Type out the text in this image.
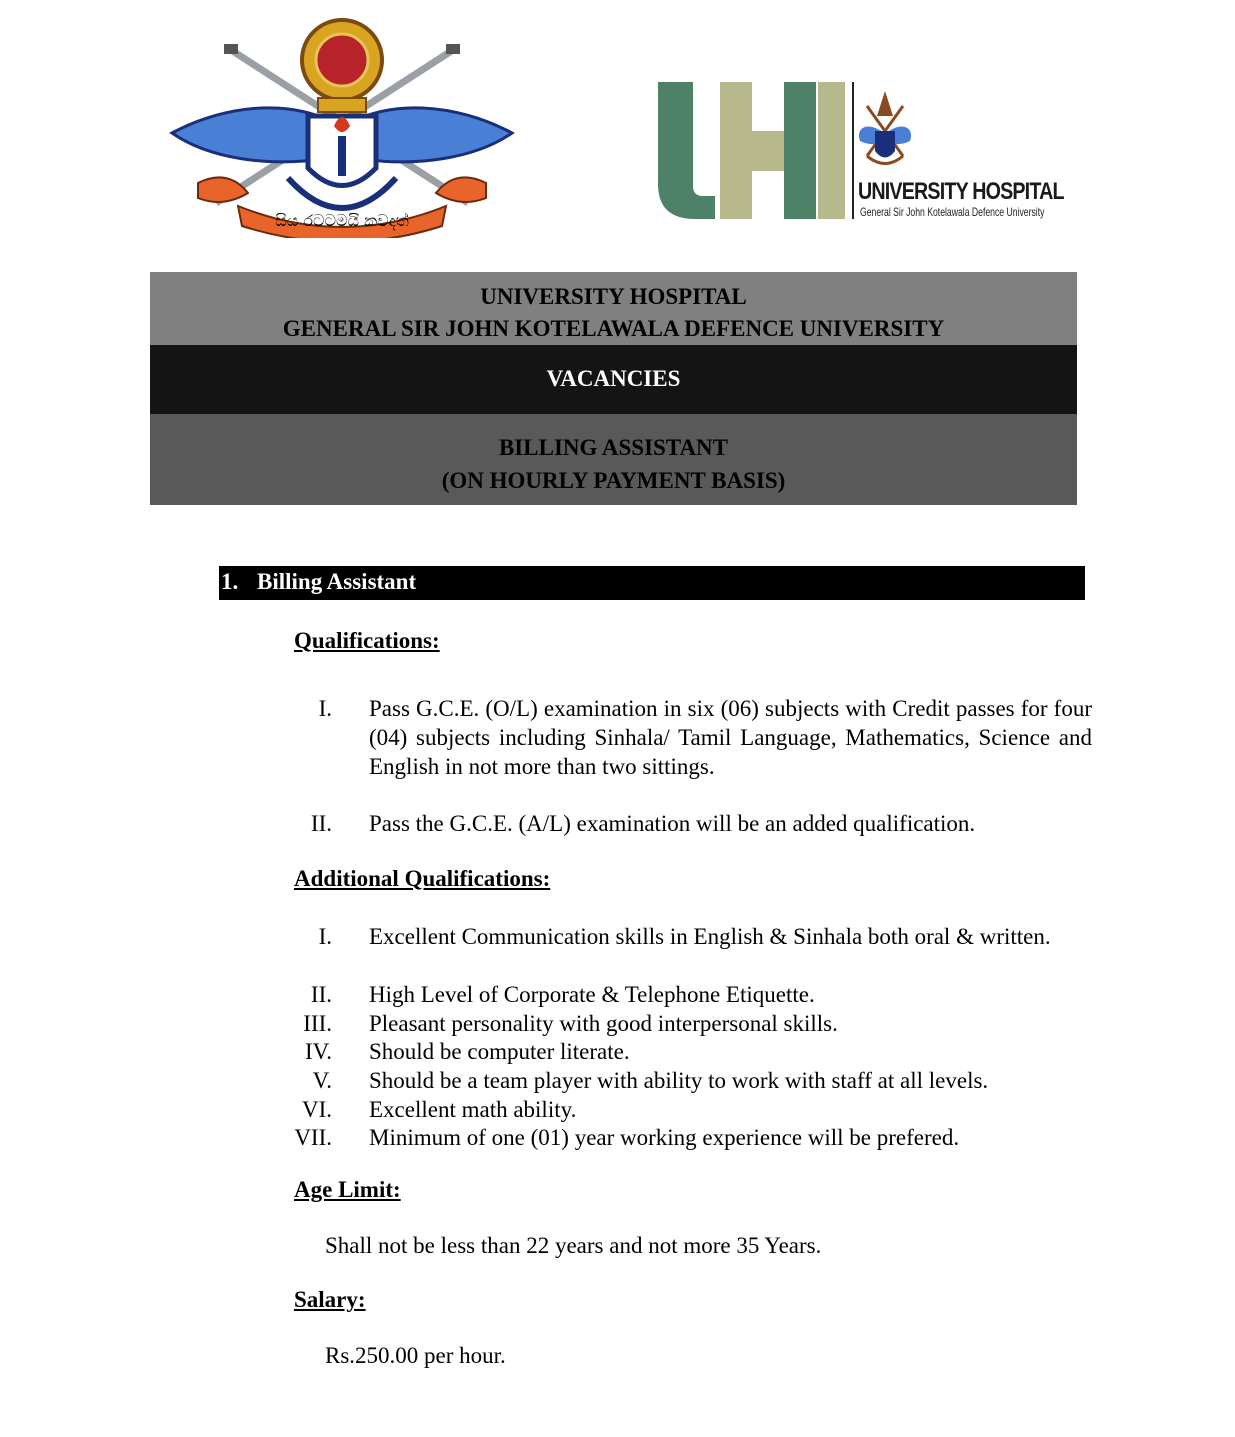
සිය රටටමයි කවදත්
UNIVERSITY HOSPITAL
General Sir John Kotelawala Defence University
UNIVERSITY HOSPITAL
GENERAL SIR JOHN KOTELAWALA DEFENCE UNIVERSITY
VACANCIES
BILLING ASSISTANT
(ON HOURLY PAYMENT BASIS)
1. Billing Assistant
Qualifications:
I. Pass G.C.E. (O/L) examination in six (06) subjects with Credit passes for four (04) subjects including Sinhala/ Tamil Language, Mathematics, Science and English in not more than two sittings.
II. Pass the G.C.E. (A/L) examination will be an added qualification.
Additional Qualifications:
I. Excellent Communication skills in English & Sinhala both oral & written.
II. High Level of Corporate & Telephone Etiquette.
III. Pleasant personality with good interpersonal skills.
IV. Should be computer literate.
V. Should be a team player with ability to work with staff at all levels.
VI. Excellent math ability.
VII. Minimum of one (01) year working experience will be prefered.
Age Limit:
Shall not be less than 22 years and not more 35 Years.
Salary:
Rs.250.00 per hour.
